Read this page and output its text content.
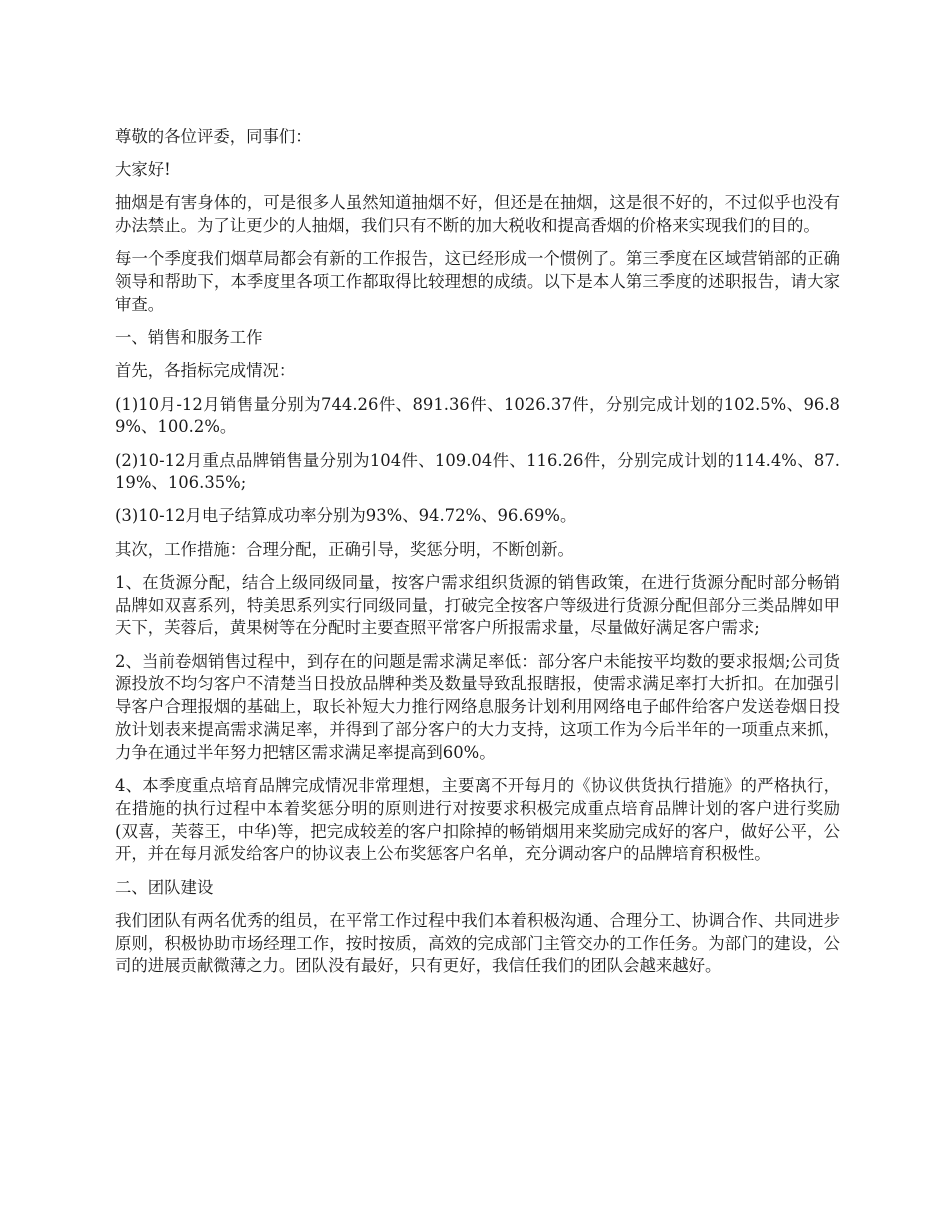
尊敬的各位评委，同事们：

大家好!

抽烟是有害身体的，可是很多人虽然知道抽烟不好，但还是在抽烟，这是很不好的，不过似乎也没有办法禁止。为了让更少的人抽烟，我们只有不断的加大税收和提高香烟的价格来实现我们的目的。

每一个季度我们烟草局都会有新的工作报告，这已经形成一个惯例了。第三季度在区域营销部的正确领导和帮助下，本季度里各项工作都取得比较理想的成绩。以下是本人第三季度的述职报告，请大家审查。

一、销售和服务工作

首先，各指标完成情况：

(1)10月-12月销售量分别为744.26件、891.36件、1026.37件，分别完成计划的102.5%、96.89%、100.2%。

(2)10-12月重点品牌销售量分别为104件、109.04件、116.26件，分别完成计划的114.4%、87.19%、106.35%;

(3)10-12月电子结算成功率分别为93%、94.72%、96.69%。

其次，工作措施：合理分配，正确引导，奖惩分明，不断创新。

1、在货源分配，结合上级同级同量，按客户需求组织货源的销售政策，在进行货源分配时部分畅销品牌如双喜系列，特美思系列实行同级同量，打破完全按客户等级进行货源分配但部分三类品牌如甲天下，芙蓉后，黄果树等在分配时主要查照平常客户所报需求量，尽量做好满足客户需求;

2、当前卷烟销售过程中，到存在的问题是需求满足率低：部分客户未能按平均数的要求报烟;公司货源投放不均匀客户不清楚当日投放品牌种类及数量导致乱报瞎报，使需求满足率打大折扣。在加强引导客户合理报烟的基础上，取长补短大力推行网络息服务计划利用网络电子邮件给客户发送卷烟日投放计划表来提高需求满足率，并得到了部分客户的大力支持，这项工作为今后半年的一项重点来抓，力争在通过半年努力把辖区需求满足率提高到60%。

4、本季度重点培育品牌完成情况非常理想，主要离不开每月的《协议供货执行措施》的严格执行，在措施的执行过程中本着奖惩分明的原则进行对按要求积极完成重点培育品牌计划的客户进行奖励(双喜，芙蓉王，中华)等，把完成较差的客户扣除掉的畅销烟用来奖励完成好的客户，做好公平，公开，并在每月派发给客户的协议表上公布奖惩客户名单，充分调动客户的品牌培育积极性。

二、团队建设

我们团队有两名优秀的组员，在平常工作过程中我们本着积极沟通、合理分工、协调合作、共同进步原则，积极协助市场经理工作，按时按质，高效的完成部门主管交办的工作任务。为部门的建设，公司的进展贡献微薄之力。团队没有最好，只有更好，我信任我们的团队会越来越好。
